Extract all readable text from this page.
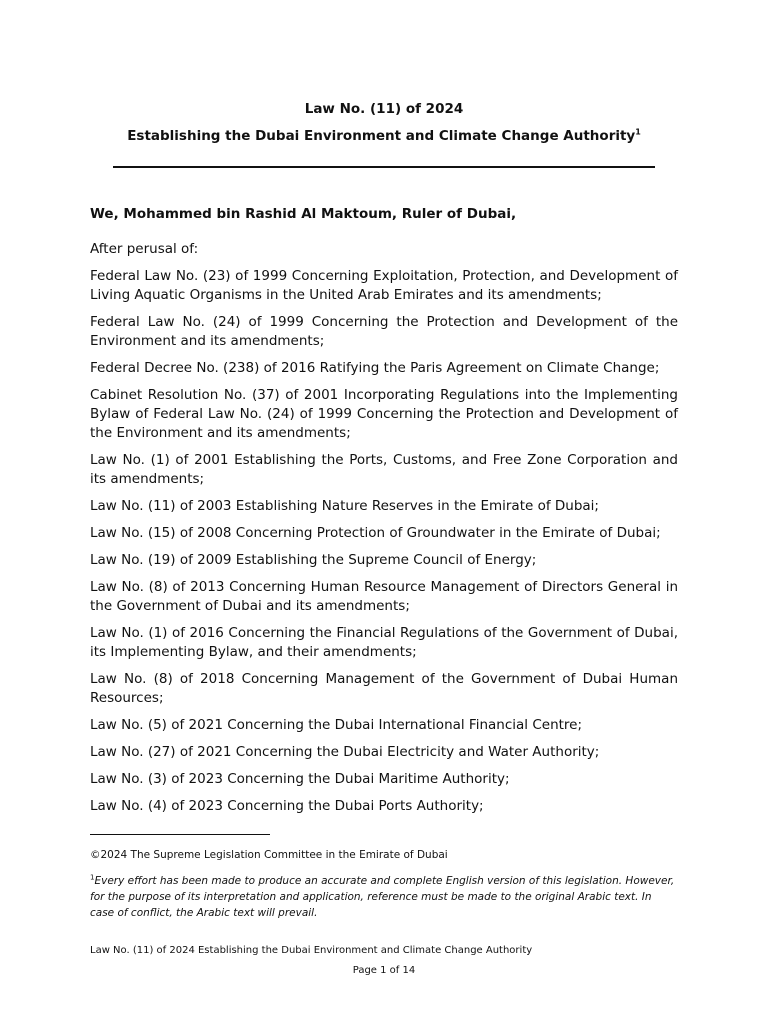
Law No. (11) of 2024
Establishing the Dubai Environment and Climate Change Authority$^1$

We, Mohammed bin Rashid Al Maktoum, Ruler of Dubai,

After perusal of:

Federal Law No. (23) of 1999 Concerning Exploitation, Protection, and Development of Living Aquatic Organisms in the United Arab Emirates and its amendments;

Federal Law No. (24) of 1999 Concerning the Protection and Development of the Environment and its amendments;

Federal Decree No. (238) of 2016 Ratifying the Paris Agreement on Climate Change;

Cabinet Resolution No. (37) of 2001 Incorporating Regulations into the Implementing Bylaw of Federal Law No. (24) of 1999 Concerning the Protection and Development of the Environment and its amendments;

Law No. (1) of 2001 Establishing the Ports, Customs, and Free Zone Corporation and its amendments;

Law No. (11) of 2003 Establishing Nature Reserves in the Emirate of Dubai;

Law No. (15) of 2008 Concerning Protection of Groundwater in the Emirate of Dubai;

Law No. (19) of 2009 Establishing the Supreme Council of Energy;

Law No. (8) of 2013 Concerning Human Resource Management of Directors General in the Government of Dubai and its amendments;

Law No. (1) of 2016 Concerning the Financial Regulations of the Government of Dubai, its Implementing Bylaw, and their amendments;

Law No. (8) of 2018 Concerning Management of the Government of Dubai Human Resources;

Law No. (5) of 2021 Concerning the Dubai International Financial Centre;

Law No. (27) of 2021 Concerning the Dubai Electricity and Water Authority;

Law No. (3) of 2023 Concerning the Dubai Maritime Authority;

Law No. (4) of 2023 Concerning the Dubai Ports Authority;

©2024 The Supreme Legislation Committee in the Emirate of Dubai
$^1$Every effort has been made to produce an accurate and complete English version of this legislation. However, for the purpose of its interpretation and application, reference must be made to the original Arabic text. In case of conflict, the Arabic text will prevail.
Law No. (11) of 2024 Establishing the Dubai Environment and Climate Change Authority
Page 1 of 14
